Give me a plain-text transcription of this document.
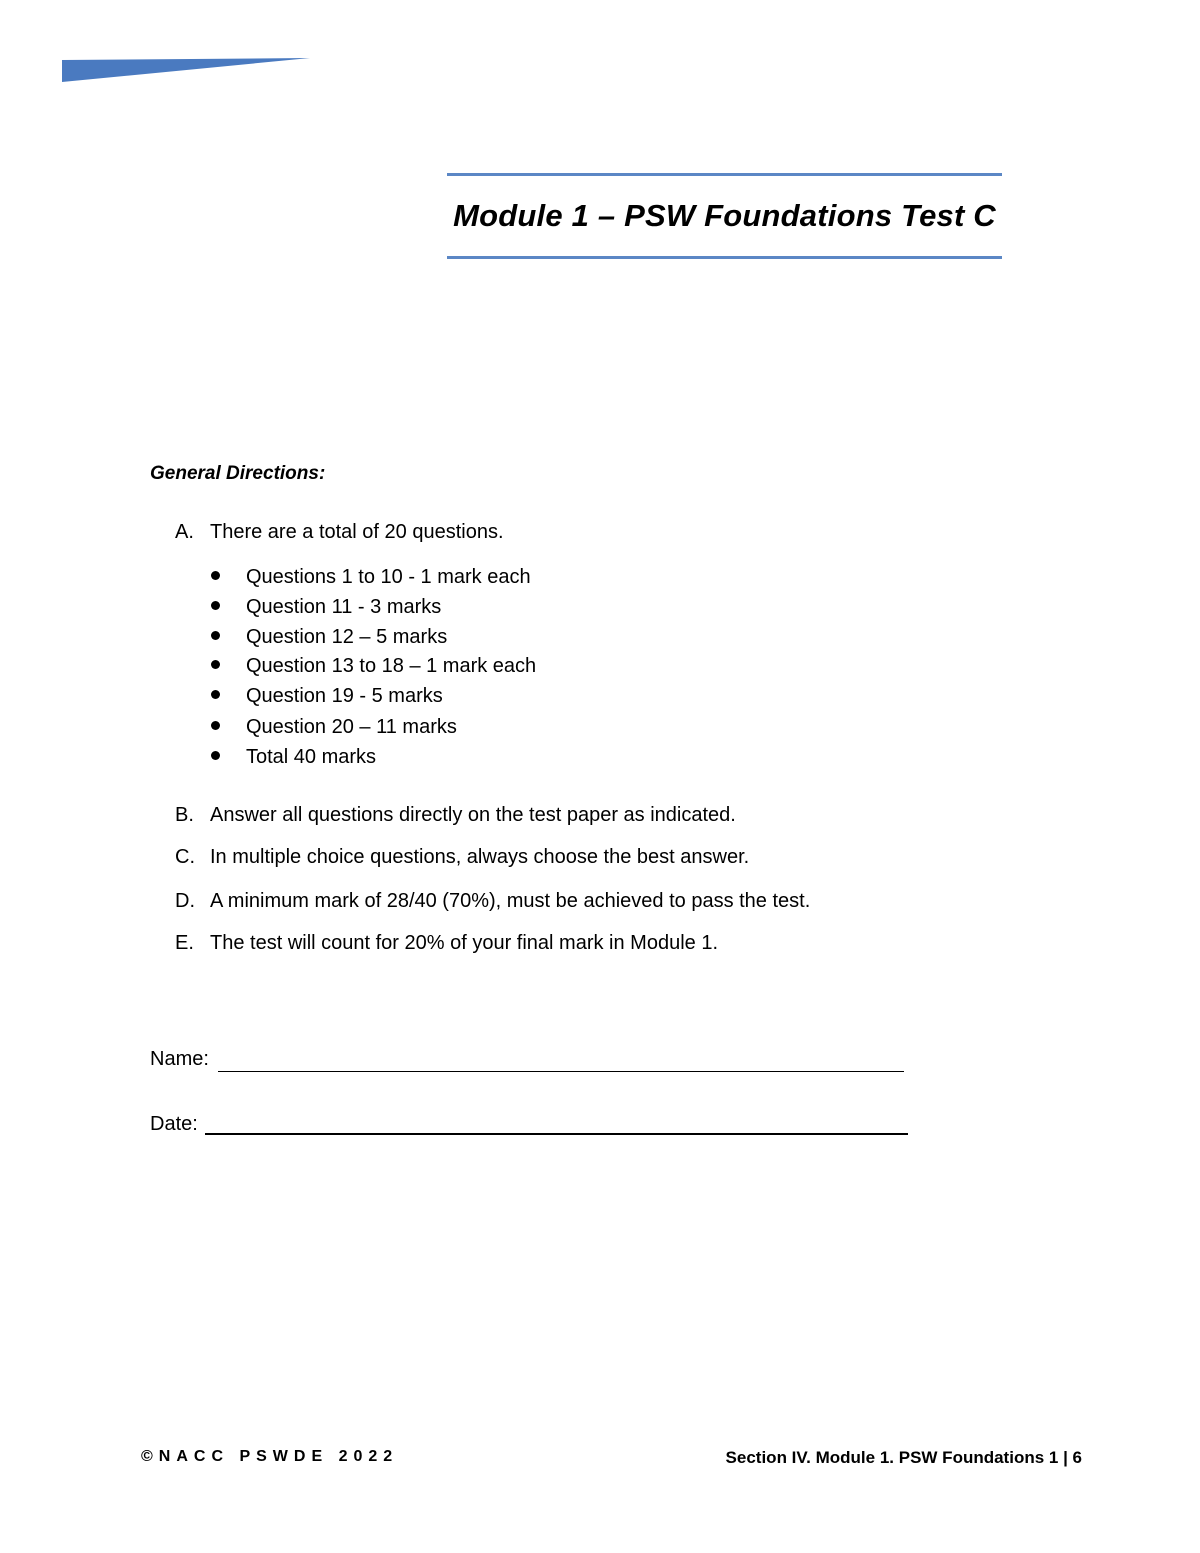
Module 1 – PSW Foundations Test C

General Directions:

A. There are a total of 20 questions.
Questions 1 to 10 - 1 mark each
Question 11 - 3 marks
Question 12 – 5 marks
Question 13 to 18 – 1 mark each
Question 19 - 5 marks
Question 20 – 11 marks
Total 40 marks
B. Answer all questions directly on the test paper as indicated.
C. In multiple choice questions, always choose the best answer.
D. A minimum mark of 28/40 (70%), must be achieved to pass the test.
E. The test will count for 20% of your final mark in Module 1.
Name:
Date:
©NACC PSWDE 2022	Section IV. Module 1. PSW Foundations 1 | 6
